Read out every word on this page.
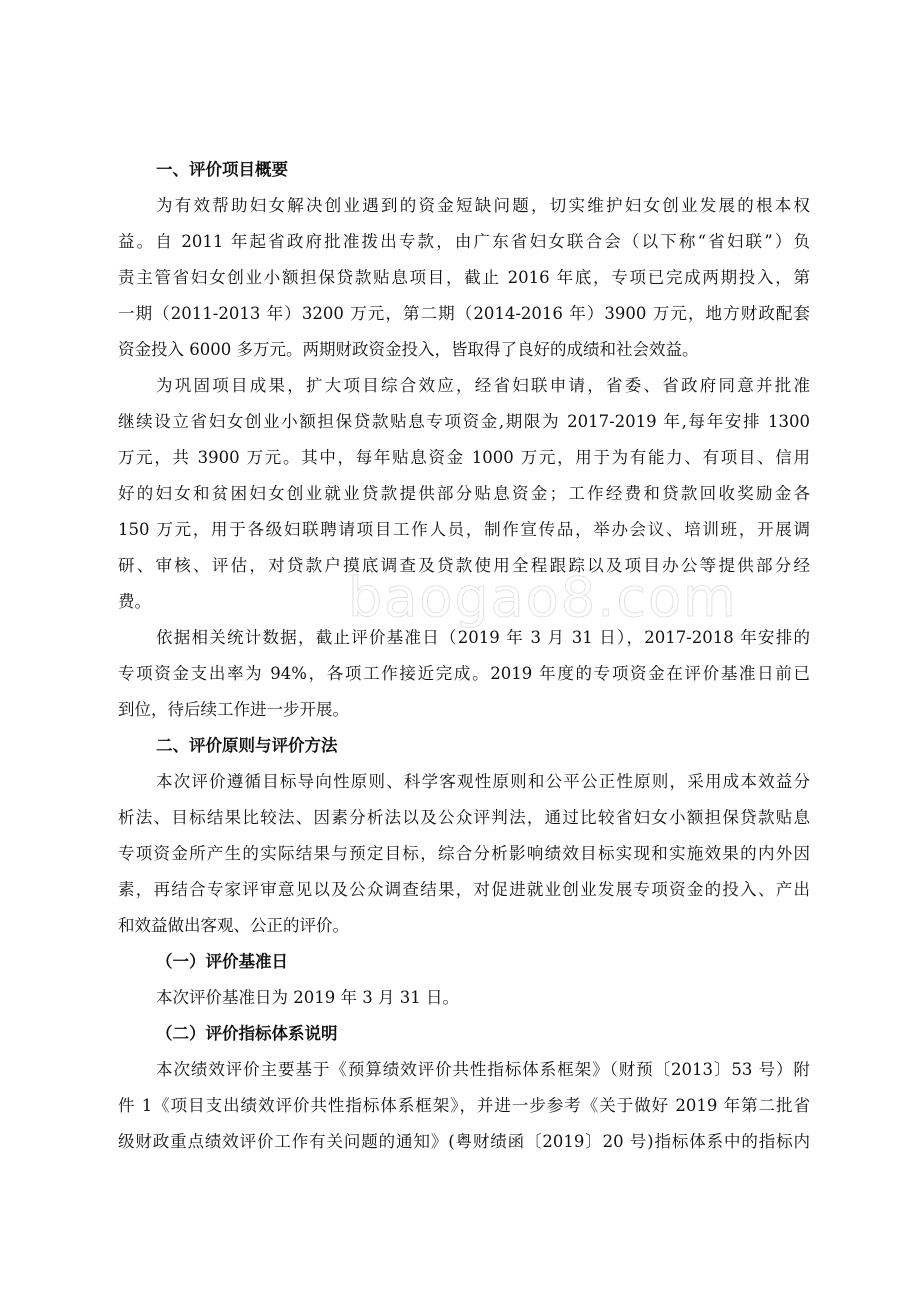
baogao8.com
一、评价项目概要
为有效帮助妇女解决创业遇到的资金短缺问题，切实维护妇女创业发展的根本权
益。自 2011 年起省政府批准拨出专款，由广东省妇女联合会（以下称“省妇联”）负
责主管省妇女创业小额担保贷款贴息项目，截止 2016 年底，专项已完成两期投入，第
一期（2011-2013 年）3200 万元，第二期（2014-2016 年）3900 万元，地方财政配套
资金投入 6000 多万元。两期财政资金投入，皆取得了良好的成绩和社会效益。
为巩固项目成果，扩大项目综合效应，经省妇联申请，省委、省政府同意并批准
继续设立省妇女创业小额担保贷款贴息专项资金,期限为 2017-2019 年,每年安排 1300
万元，共 3900 万元。其中，每年贴息资金 1000 万元，用于为有能力、有项目、信用
好的妇女和贫困妇女创业就业贷款提供部分贴息资金；工作经费和贷款回收奖励金各
150 万元，用于各级妇联聘请项目工作人员，制作宣传品，举办会议、培训班，开展调
研、审核、评估，对贷款户摸底调查及贷款使用全程跟踪以及项目办公等提供部分经
费。
依据相关统计数据，截止评价基准日（2019 年 3 月 31 日），2017-2018 年安排的
专项资金支出率为 94%，各项工作接近完成。2019 年度的专项资金在评价基准日前已
到位，待后续工作进一步开展。
二、评价原则与评价方法
本次评价遵循目标导向性原则、科学客观性原则和公平公正性原则，采用成本效益分
析法、目标结果比较法、因素分析法以及公众评判法，通过比较省妇女小额担保贷款贴息
专项资金所产生的实际结果与预定目标，综合分析影响绩效目标实现和实施效果的内外因
素，再结合专家评审意见以及公众调查结果，对促进就业创业发展专项资金的投入、产出
和效益做出客观、公正的评价。
（一）评价基准日
本次评价基准日为 2019 年 3 月 31 日。
（二）评价指标体系说明
本次绩效评价主要基于《预算绩效评价共性指标体系框架》（财预〔2013〕53 号）附
件 1《项目支出绩效评价共性指标体系框架》，并进一步参考《关于做好 2019 年第二批省
级财政重点绩效评价工作有关问题的通知》(粤财绩函〔2019〕20 号)指标体系中的指标内
